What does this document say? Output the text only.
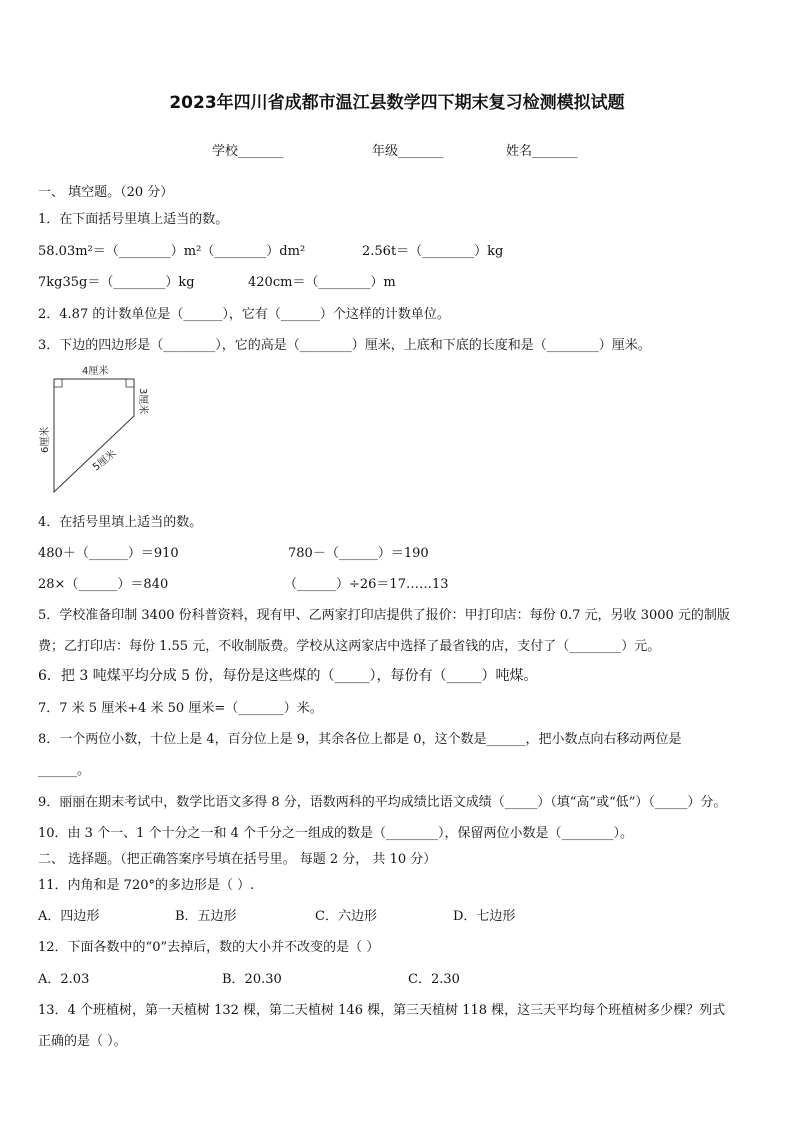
2023年四川省成都市温江县数学四下期末复习检测模拟试题
学校_______	年级_______	姓名_______
一、 填空题。（20 分）
1．在下面括号里填上适当的数。
58.03m²＝（________）m²（________）dm²	2.56t＝（________）kg
7kg35g＝（________）kg	420cm＝（________）m
2．4.87 的计数单位是（______），它有（______）个这样的计数单位。
3．下边的四边形是（________），它的高是（________）厘米，上底和下底的长度和是（________）厘米。
4厘米
6厘米
3厘米
5厘米
4．在括号里填上适当的数。
480＋（______）＝910	780－（______）＝190
28×（______）＝840	（______）÷26＝17……13
5．学校准备印制 3400 份科普资料，现有甲、乙两家打印店提供了报价：甲打印店：每份 0.7 元，另收 3000 元的制版
费；乙打印店：每份 1.55 元，不收制版费。学校从这两家店中选择了最省钱的店，支付了（________）元。
6．把 3 吨煤平均分成 5 份，每份是这些煤的（_____），每份有（_____）吨煤。
7．7 米 5 厘米+4 米 50 厘米=（_______）米。
8．一个两位小数，十位上是 4，百分位上是 9，其余各位上都是 0，这个数是______，把小数点向右移动两位是
______。
9．丽丽在期末考试中，数学比语文多得 8 分，语数两科的平均成绩比语文成绩（_____）（填“高”或“低”）（_____）分。
10．由 3 个一、1 个十分之一和 4 个千分之一组成的数是（________），保留两位小数是（________）。
二、 选择题。（把正确答案序号填在括号里。 每题 2 分， 共 10 分）
11．内角和是 720°的多边形是（ ）.
A．四边形	B．五边形	C．六边形	D．七边形
12．下面各数中的“0”去掉后，数的大小并不改变的是（ ）
A．2.03	B．20.30	C．2.30
13．4 个班植树，第一天植树 132 棵，第二天植树 146 棵，第三天植树 118 棵，这三天平均每个班植树多少棵？列式
正确的是（ ）。
